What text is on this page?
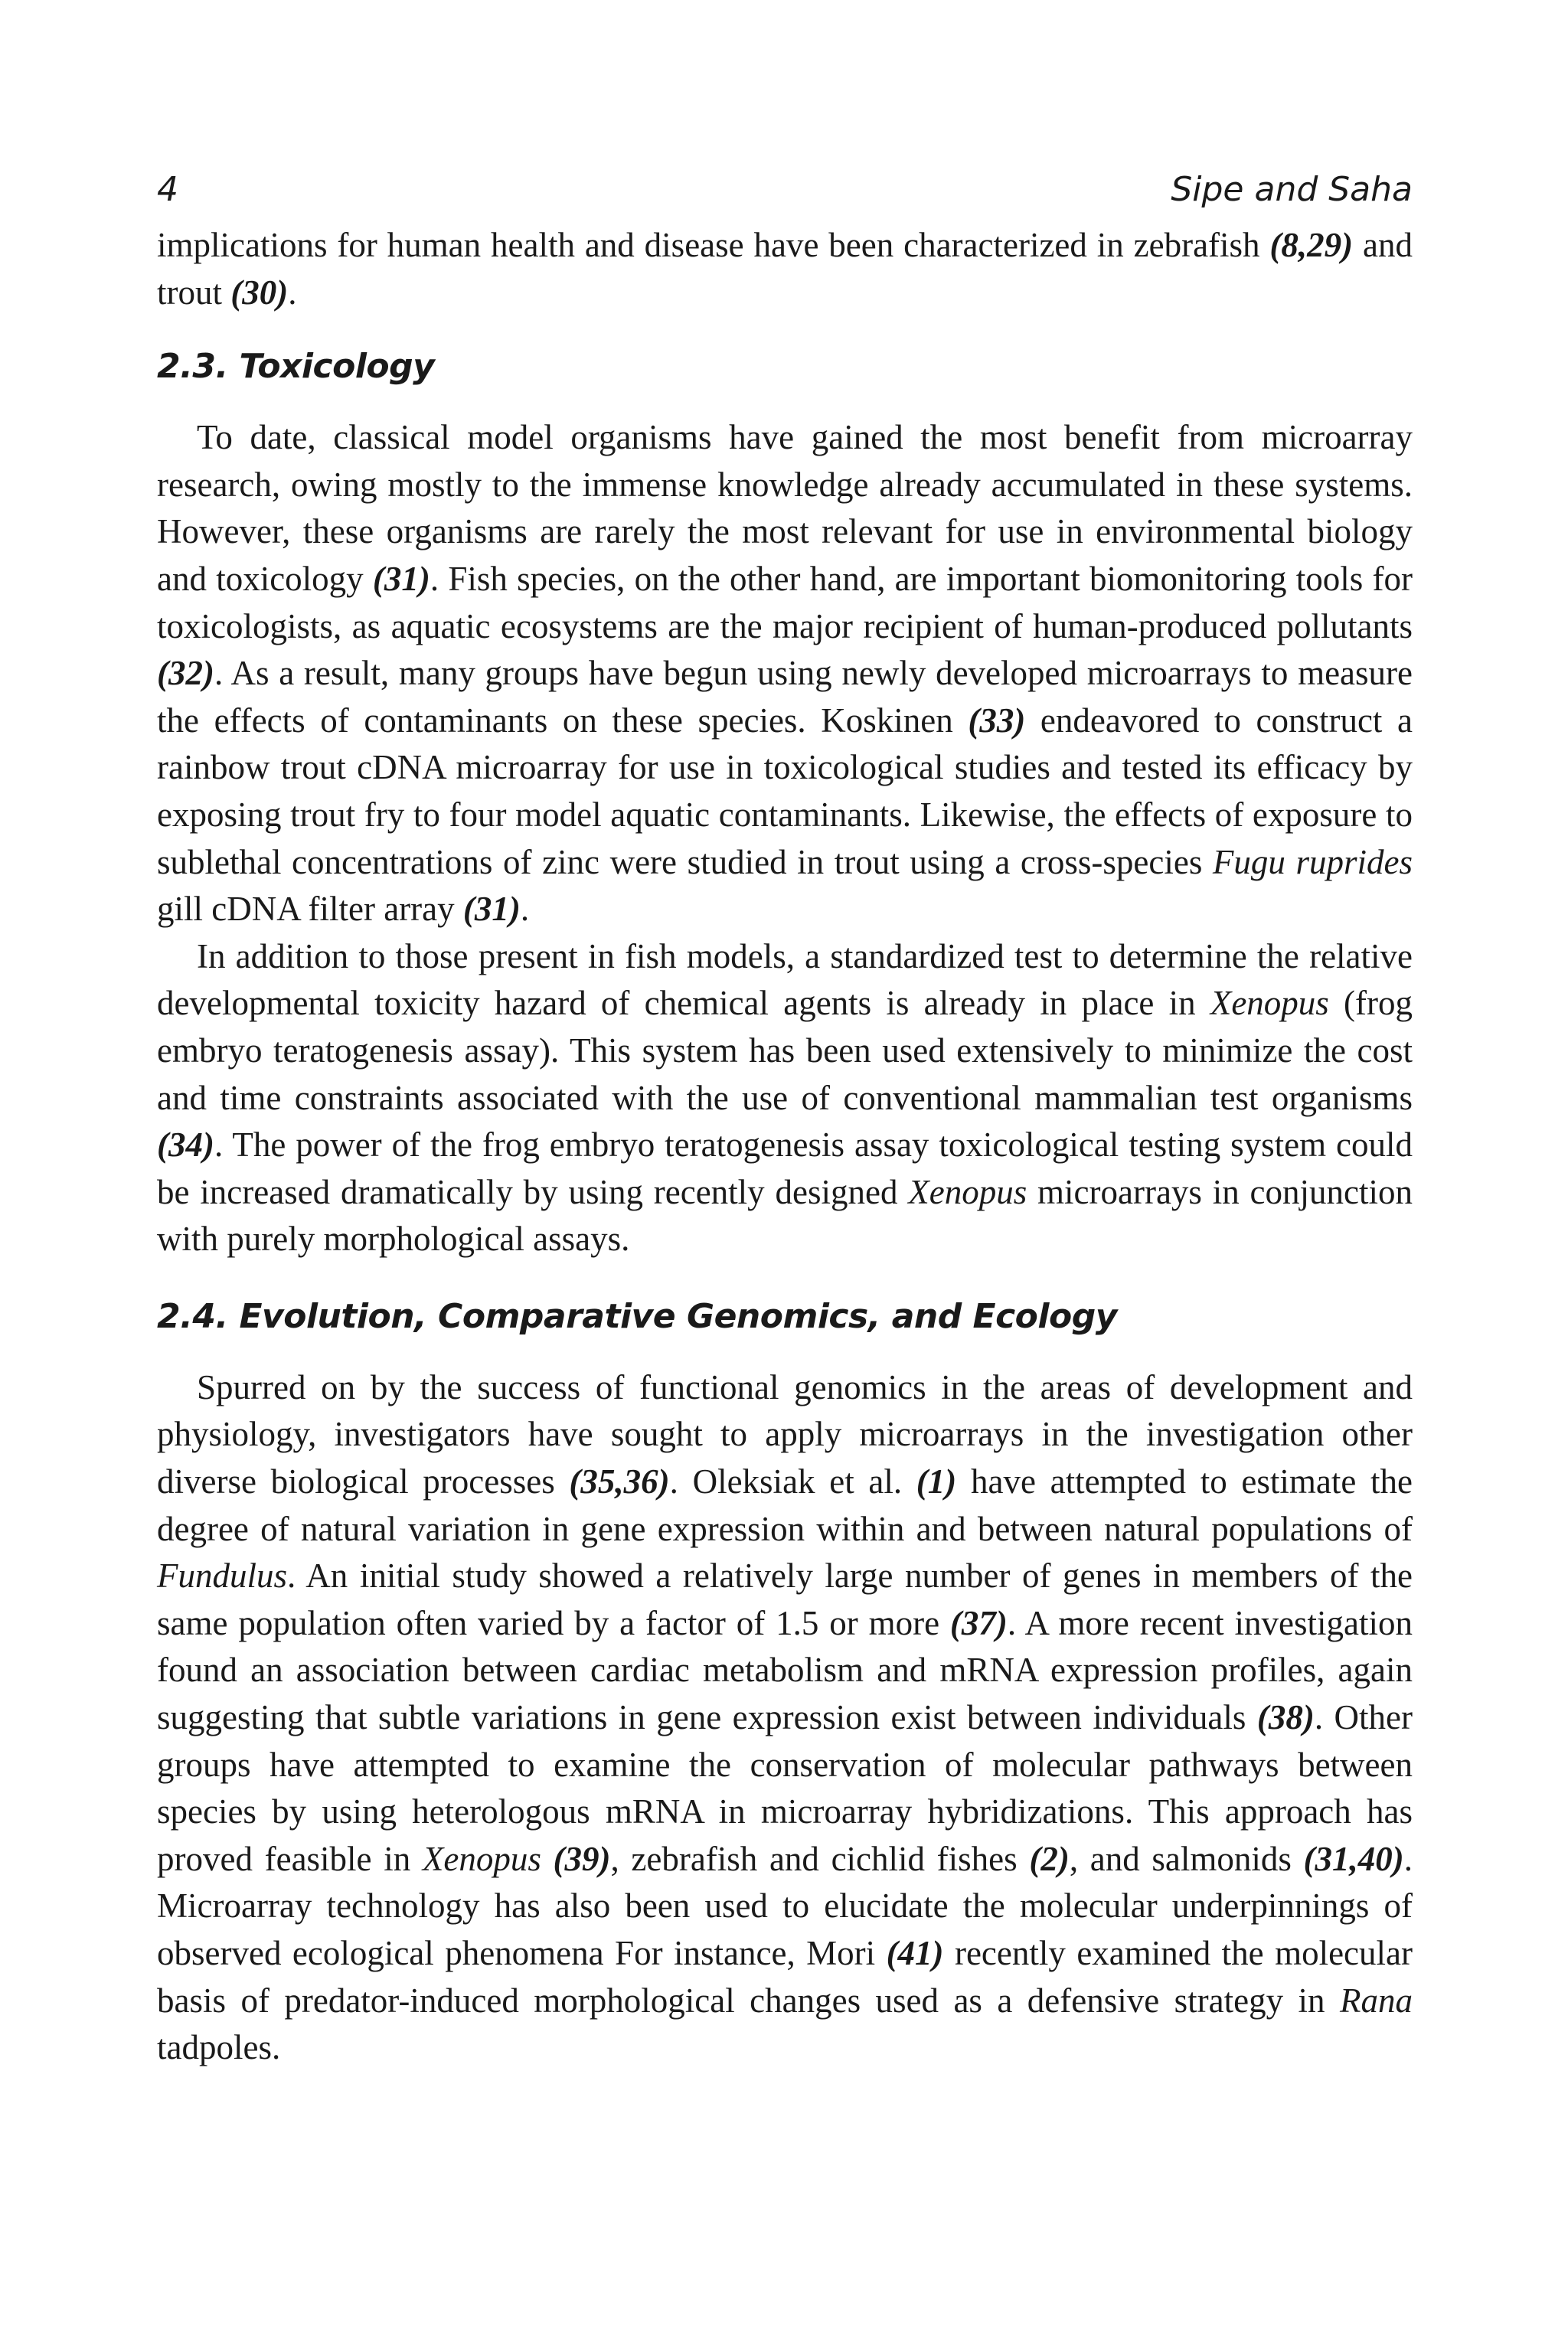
4	Sipe and Saha

implications for human health and disease have been characterized in zebrafish (8,29) and trout (30).

2.3. Toxicology

To date, classical model organisms have gained the most benefit from microarray research, owing mostly to the immense knowledge already accumulated in these systems. However, these organisms are rarely the most relevant for use in environmental biology and toxicology (31). Fish species, on the other hand, are important biomonitoring tools for toxicologists, as aquatic ecosystems are the major recipient of human-produced pollutants (32). As a result, many groups have begun using newly developed microarrays to measure the effects of contaminants on these species. Koskinen (33) endeavored to construct a rainbow trout cDNA microarray for use in toxicological studies and tested its efficacy by exposing trout fry to four model aquatic contaminants. Likewise, the effects of exposure to sublethal concentrations of zinc were studied in trout using a cross-species Fugu ruprides gill cDNA filter array (31).

In addition to those present in fish models, a standardized test to determine the relative developmental toxicity hazard of chemical agents is already in place in Xenopus (frog embryo teratogenesis assay). This system has been used extensively to minimize the cost and time constraints associated with the use of conventional mammalian test organisms (34). The power of the frog embryo teratogenesis assay toxicological testing system could be increased dramatically by using recently designed Xenopus microarrays in conjunction with purely morphological assays.

2.4. Evolution, Comparative Genomics, and Ecology

Spurred on by the success of functional genomics in the areas of development and physiology, investigators have sought to apply microarrays in the investigation other diverse biological processes (35,36). Oleksiak et al. (1) have attempted to estimate the degree of natural variation in gene expression within and between natural populations of Fundulus. An initial study showed a relatively large number of genes in members of the same population often varied by a factor of 1.5 or more (37). A more recent investigation found an association between cardiac metabolism and mRNA expression profiles, again suggesting that subtle variations in gene expression exist between individuals (38). Other groups have attempted to examine the conservation of molecular pathways between species by using heterologous mRNA in microarray hybridizations. This approach has proved feasible in Xenopus (39), zebrafish and cichlid fishes (2), and salmonids (31,40). Microarray technology has also been used to elucidate the molecular underpinnings of observed ecological phenomena For instance, Mori (41) recently examined the molecular basis of predator-induced morphological changes used as a defensive strategy in Rana tadpoles.
